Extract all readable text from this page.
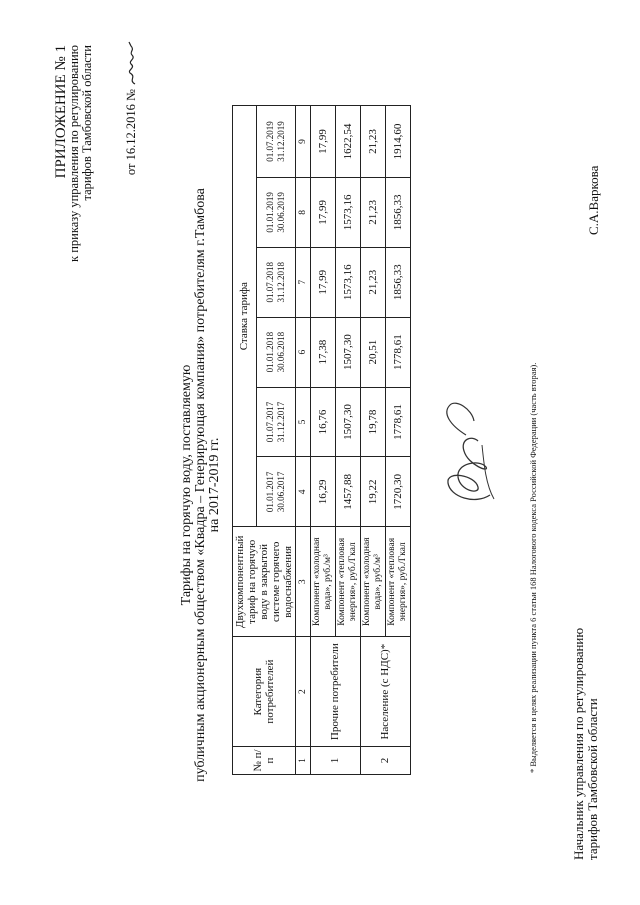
ПРИЛОЖЕНИЕ № 1
к приказу управления по регулированию тарифов Тамбовской области от 16.12.2016 №
Тарифы на горячую воду, поставляемую публичным акционерным обществом «Квадра – Генерирующая компания» потребителям г.Тамбова на 2017-2019 гг.
№ п/п	Категория потребителей	Двухкомпонентный тариф на горячую воду в закрытой системе горячего водоснабжения	Ставка тарифа					
			01.01.2017 30.06.2017	01.07.2017 31.12.2017	01.01.2018 30.06.2018	01.07.2018 31.12.2018	01.01.2019 30.06.2019	01.07.2019 31.12.2019
1	2	3	4	5	6	7	8	9
1	Прочие потребители	Компонент «холодная вода», руб./м³	16,29	16,76	17,38	17,99	17,99	17,99
		Компонент «тепловая энергия», руб./Гкал	1457,88	1507,30	1507,30	1573,16	1573,16	1622,54
2	Население (с НДС)*	Компонент «холодная вода», руб./м³	19,22	19,78	20,51	21,23	21,23	21,23
		Компонент «тепловая энергия», руб./Гкал	1720,30	1778,61	1778,61	1856,33	1856,33	1914,60
* Выделяется в целях реализации пункта 6 статьи 168 Налогового кодекса Российской Федерации (часть вторая).	Начальник управления по регулированию тарифов Тамбовской области
С.А.Варкова
